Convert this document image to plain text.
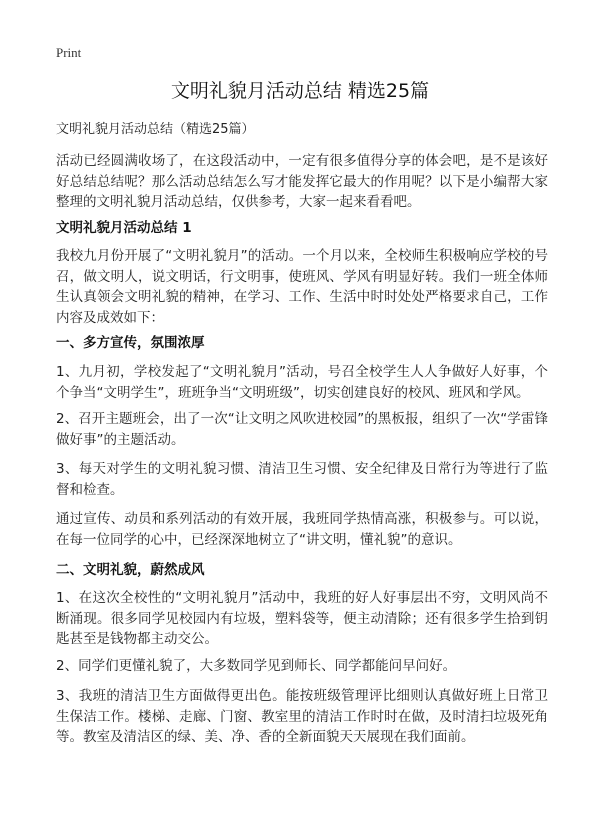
Print
文明礼貌月活动总结 精选25篇

文明礼貌月活动总结（精选25篇）

活动已经圆满收场了，在这段活动中，一定有很多值得分享的体会吧，是不是该好好总结总结呢？那么活动总结怎么写才能发挥它最大的作用呢？以下是小编帮大家整理的文明礼貌月活动总结，仅供参考，大家一起来看看吧。

文明礼貌月活动总结 1

我校九月份开展了“文明礼貌月”的活动。一个月以来，全校师生积极响应学校的号召，做文明人，说文明话，行文明事，使班风、学风有明显好转。我们一班全体师生认真领会文明礼貌的精神，在学习、工作、生活中时时处处严格要求自己，工作内容及成效如下：

一、多方宣传，氛围浓厚

1、九月初，学校发起了“文明礼貌月”活动，号召全校学生人人争做好人好事，个个争当“文明学生”，班班争当“文明班级”，切实创建良好的校风、班风和学风。

2、召开主题班会，出了一次“让文明之风吹进校园”的黑板报，组织了一次“学雷锋做好事”的主题活动。

3、每天对学生的文明礼貌习惯、清洁卫生习惯、安全纪律及日常行为等进行了监督和检查。

通过宣传、动员和系列活动的有效开展，我班同学热情高涨，积极参与。可以说，在每一位同学的心中，已经深深地树立了“讲文明，懂礼貌”的意识。

二、文明礼貌，蔚然成风

1、在这次全校性的“文明礼貌月”活动中，我班的好人好事层出不穷，文明风尚不断涌现。很多同学见校园内有垃圾，塑料袋等，便主动清除；还有很多学生拾到钥匙甚至是钱物都主动交公。

2、同学们更懂礼貌了，大多数同学见到师长、同学都能问早问好。

3、我班的清洁卫生方面做得更出色。能按班级管理评比细则认真做好班上日常卫生保洁工作。楼梯、走廊、门窗、教室里的清洁工作时时在做，及时清扫垃圾死角等。教室及清洁区的绿、美、净、香的全新面貌天天展现在我们面前。
